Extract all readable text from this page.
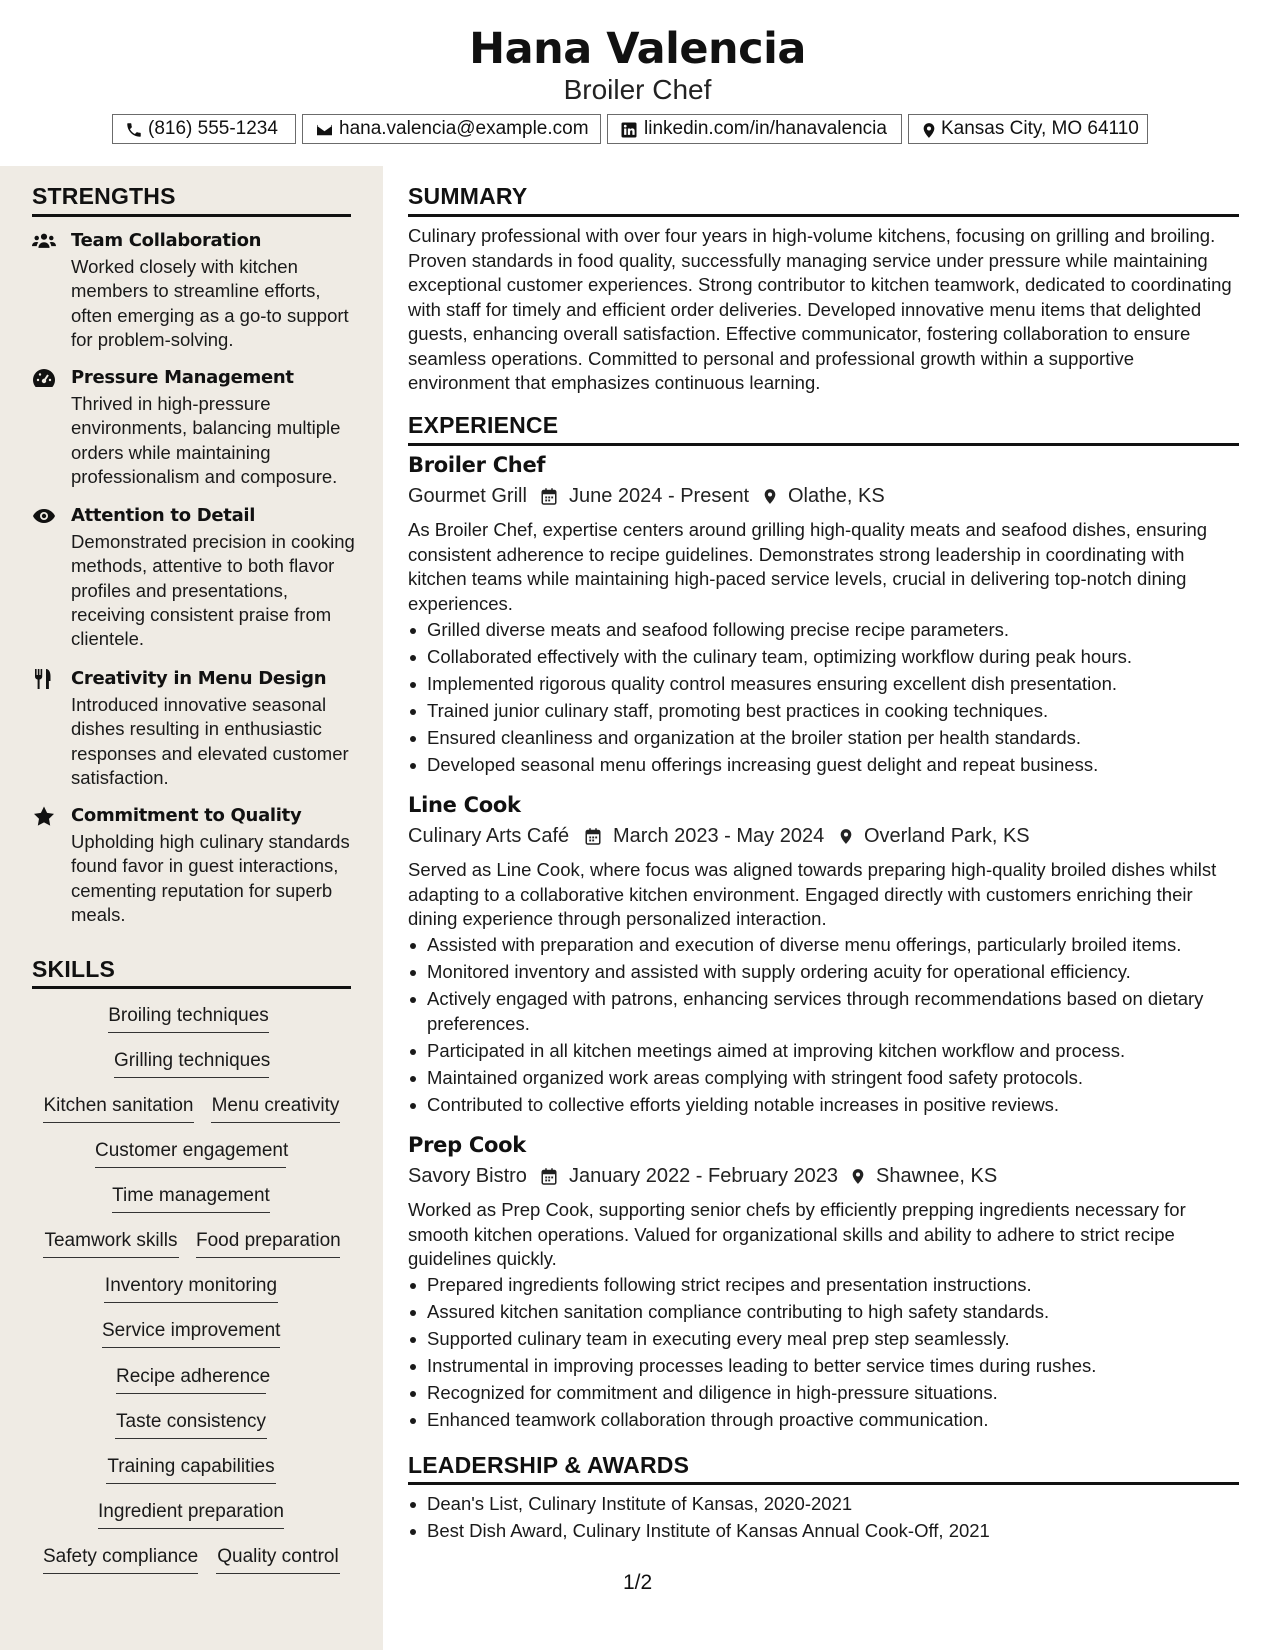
Hana Valencia
Broiler Chef
(816) 555-1234	hana.valencia@example.com	linkedin.com/in/hanavalencia	Kansas City, MO 64110
STRENGTHS
Team Collaboration
Worked closely with kitchen members to streamline efforts, often emerging as a go-to support for problem-solving.
Pressure Management
Thrived in high-pressure environments, balancing multiple orders while maintaining professionalism and composure.
Attention to Detail
Demonstrated precision in cooking methods, attentive to both flavor profiles and presentations, receiving consistent praise from clientele.
Creativity in Menu Design
Introduced innovative seasonal dishes resulting in enthusiastic responses and elevated customer satisfaction.
Commitment to Quality
Upholding high culinary standards found favor in guest interactions, cementing reputation for superb meals.
SKILLS
Broiling techniques
Grilling techniques
Kitchen sanitation Menu creativity
Customer engagement
Time management
Teamwork skills Food preparation
Inventory monitoring
Service improvement
Recipe adherence
Taste consistency
Training capabilities
Ingredient preparation
Safety compliance Quality control
SUMMARY
Culinary professional with over four years in high-volume kitchens, focusing on grilling and broiling. Proven standards in food quality, successfully managing service under pressure while maintaining exceptional customer experiences. Strong contributor to kitchen teamwork, dedicated to coordinating with staff for timely and efficient order deliveries. Developed innovative menu items that delighted guests, enhancing overall satisfaction. Effective communicator, fostering collaboration to ensure seamless operations. Committed to personal and professional growth within a supportive environment that emphasizes continuous learning.
EXPERIENCE
Broiler Chef
Gourmet Grill June 2024 - Present Olathe, KS
As Broiler Chef, expertise centers around grilling high-quality meats and seafood dishes, ensuring consistent adherence to recipe guidelines. Demonstrates strong leadership in coordinating with kitchen teams while maintaining high-paced service levels, crucial in delivering top-notch dining experiences.
Grilled diverse meats and seafood following precise recipe parameters.
Collaborated effectively with the culinary team, optimizing workflow during peak hours.
Implemented rigorous quality control measures ensuring excellent dish presentation.
Trained junior culinary staff, promoting best practices in cooking techniques.
Ensured cleanliness and organization at the broiler station per health standards.
Developed seasonal menu offerings increasing guest delight and repeat business.
Line Cook
Culinary Arts Café March 2023 - May 2024 Overland Park, KS
Served as Line Cook, where focus was aligned towards preparing high-quality broiled dishes whilst adapting to a collaborative kitchen environment. Engaged directly with customers enriching their dining experience through personalized interaction.
Assisted with preparation and execution of diverse menu offerings, particularly broiled items.
Monitored inventory and assisted with supply ordering acuity for operational efficiency.
Actively engaged with patrons, enhancing services through recommendations based on dietary preferences.
Participated in all kitchen meetings aimed at improving kitchen workflow and process.
Maintained organized work areas complying with stringent food safety protocols.
Contributed to collective efforts yielding notable increases in positive reviews.
Prep Cook
Savory Bistro January 2022 - February 2023 Shawnee, KS
Worked as Prep Cook, supporting senior chefs by efficiently prepping ingredients necessary for smooth kitchen operations. Valued for organizational skills and ability to adhere to strict recipe guidelines quickly.
Prepared ingredients following strict recipes and presentation instructions.
Assured kitchen sanitation compliance contributing to high safety standards.
Supported culinary team in executing every meal prep step seamlessly.
Instrumental in improving processes leading to better service times during rushes.
Recognized for commitment and diligence in high-pressure situations.
Enhanced teamwork collaboration through proactive communication.
LEADERSHIP & AWARDS
Dean's List, Culinary Institute of Kansas, 2020-2021
Best Dish Award, Culinary Institute of Kansas Annual Cook-Off, 2021
1/2
